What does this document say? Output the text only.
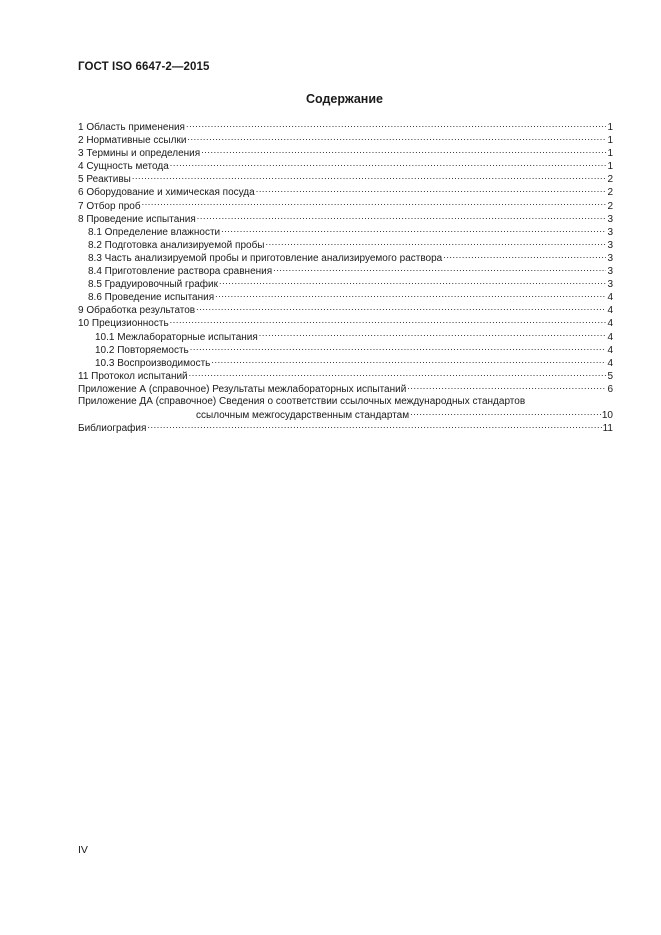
ГОСТ ISO 6647-2—2015
Содержание
1 Область применения .....	1
2 Нормативные ссылки .....	1
3 Термины и определения .....	1
4 Сущность метода .....	1
5 Реактивы .....	2
6 Оборудование и химическая посуда .....	2
7 Отбор проб .....	2
8 Проведение испытания .....	3
8.1 Определение влажности .....	3
8.2 Подготовка анализируемой пробы .....	3
8.3 Часть анализируемой пробы и приготовление анализируемого раствора .....	3
8.4 Приготовление раствора сравнения .....	3
8.5 Градуировочный график .....	3
8.6 Проведение испытания .....	4
9 Обработка результатов .....	4
10 Прецизионность .....	4
10.1 Межлабораторные испытания .....	4
10.2 Повторяемость .....	4
10.3 Воспроизводимость .....	4
11 Протокол испытаний .....	5
Приложение А (справочное) Результаты межлабораторных испытаний .....	6
Приложение ДА (справочное) Сведения о соответствии ссылочных международных стандартов
ссылочным межгосударственным стандартам .....	10
Библиография .....	11
IV
